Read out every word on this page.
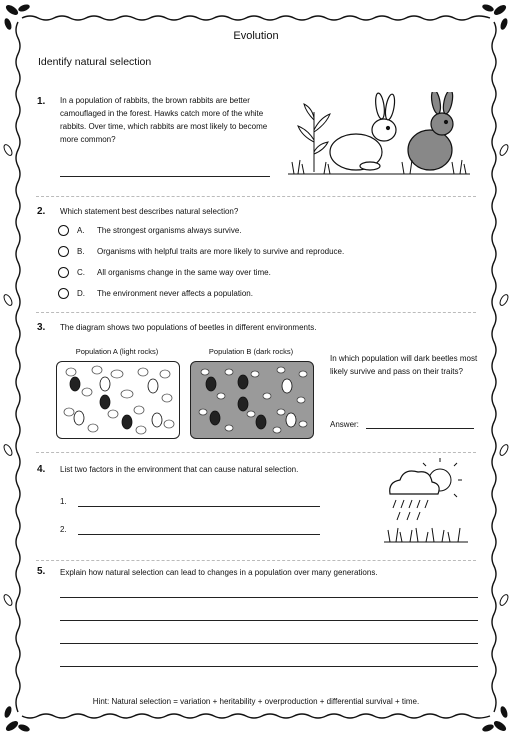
Evolution
Identify natural selection
1. In a population of rabbits, the brown rabbits are better camouflaged in the forest. Hawks catch more of the white rabbits. Over time, which rabbits are most likely to become more common?
2. Which statement best describes natural selection?
A. The strongest organisms always survive.
B. Organisms with helpful traits are more likely to survive and reproduce.
C. All organisms change in the same way over time.
D. The environment never affects a population.
3. The diagram shows two populations of beetles in different environments.
Population A (light rocks)	Population B (dark rocks)
In which population will dark beetles most likely survive and pass on their traits?
Answer:
4. List two factors in the environment that can cause natural selection.
1.
2.
5. Explain how natural selection can lead to changes in a population over many generations.
Hint: Natural selection = variation + heritability + overproduction + differential survival + time.
